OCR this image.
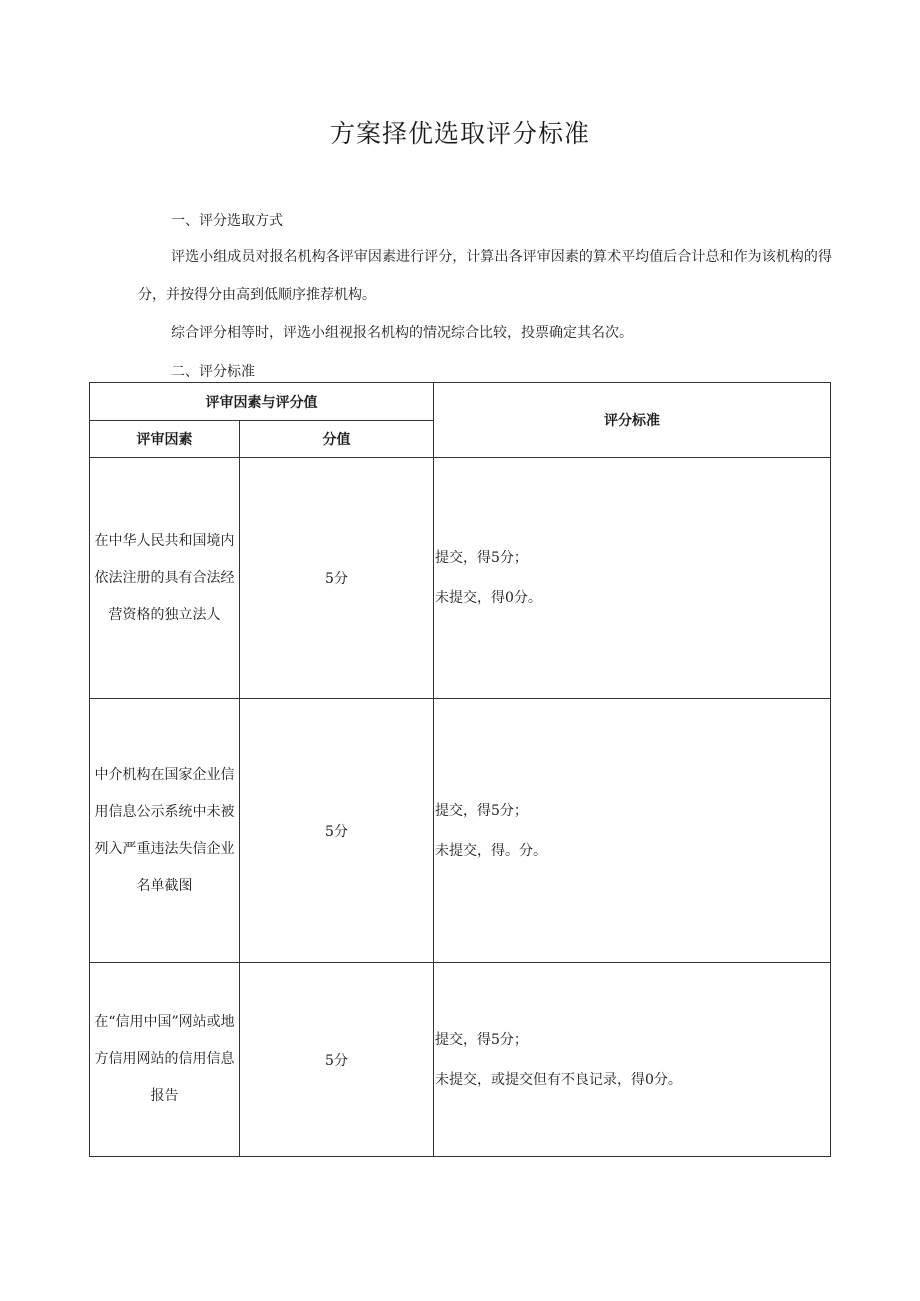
方案择优选取评分标准
一、评分选取方式
评选小组成员对报名机构各评审因素进行评分，计算出各评审因素的算术平均值后合计总和作为该机构的得分，并按得分由高到低顺序推荐机构。
综合评分相等时，评选小组视报名机构的情况综合比较，投票确定其名次。
二、评分标准
评审因素与评分值		评分标准
评审因素	分值	
在中华人民共和国境内依法注册的具有合法经营资格的独立法人	5分	提交，得5分；
未提交，得0分。

中介机构在国家企业信用信息公示系统中未被列入严重违法失信企业名单截图	5分	提交，得5分；
未提交，得。分。

在“信用中国”网站或地方信用网站的信用信息报告	5分	提交，得5分；
未提交，或提交但有不良记录，得0分。
